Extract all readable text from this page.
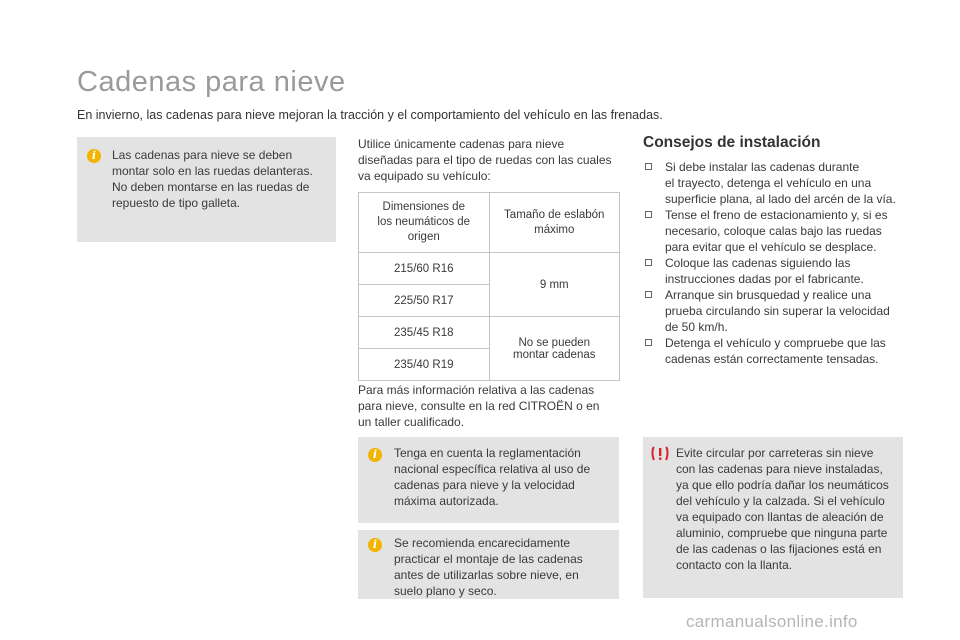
Cadenas para nieve
En invierno, las cadenas para nieve mejoran la tracción y el comportamiento del vehículo en las frenadas.
i	Las cadenas para nieve se deben
montar solo en las ruedas delanteras.
No deben montarse en las ruedas de
repuesto de tipo galleta.
Utilice únicamente cadenas para nieve
diseñadas para el tipo de ruedas con las cuales
va equipado su vehículo:
Dimensiones de
los neumáticos de
origen	Tamaño de eslabón
máximo

215/60 R16	9 mm

225/50 R17	
235/45 R18	No se pueden
montar cadenas

235/40 R19	
Para más información relativa a las cadenas
para nieve, consulte en la red CITROËN o en
un taller cualificado.
i	Tenga en cuenta la reglamentación
nacional específica relativa al uso de
cadenas para nieve y la velocidad
máxima autorizada.
i	Se recomienda encarecidamente
practicar el montaje de las cadenas
antes de utilizarlas sobre nieve, en
suelo plano y seco.
Consejos de instalación
Si debe instalar las cadenas durante
el trayecto, detenga el vehículo en una
superficie plana, al lado del arcén de la vía.
Tense el freno de estacionamiento y, si es
necesario, coloque calas bajo las ruedas
para evitar que el vehículo se desplace.
Coloque las cadenas siguiendo las
instrucciones dadas por el fabricante.
Arranque sin brusquedad y realice una
prueba circulando sin superar la velocidad
de 50 km/h.
Detenga el vehículo y compruebe que las
cadenas están correctamente tensadas.
Evite circular por carreteras sin nieve
con las cadenas para nieve instaladas,
ya que ello podría dañar los neumáticos
del vehículo y la calzada. Si el vehículo
va equipado con llantas de aleación de
aluminio, compruebe que ninguna parte
de las cadenas o las fijaciones está en
contacto con la llanta.
carmanualsonline.info
